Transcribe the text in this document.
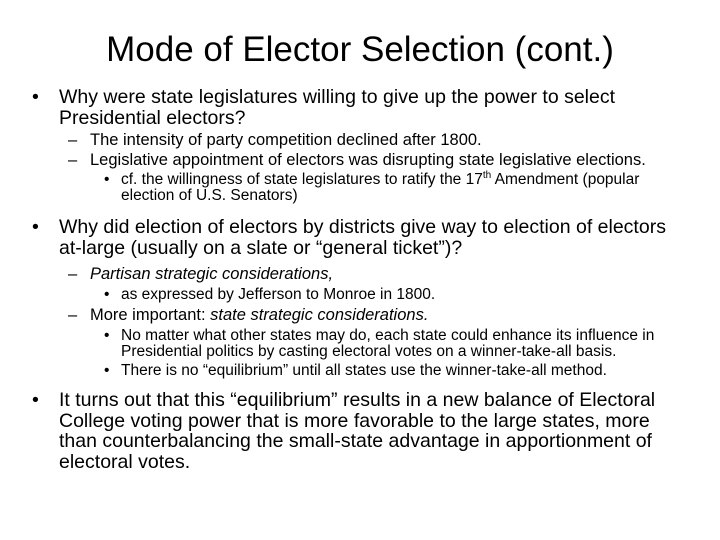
Mode of Elector Selection (cont.)
• Why were state legislatures willing to give up the power to select Presidential electors?
– The intensity of party competition declined after 1800.
– Legislative appointment of electors was disrupting state legislative elections.
• cf. the willingness of state legislatures to ratify the 17th Amendment (popular election of U.S. Senators)
• Why did election of electors by districts give way to election of electors at-large (usually on a slate or “general ticket”)?
– Partisan strategic considerations,
• as expressed by Jefferson to Monroe in 1800.
– More important: state strategic considerations.
• No matter what other states may do, each state could enhance its influence in Presidential politics by casting electoral votes on a winner-take-all basis.
• There is no “equilibrium” until all states use the winner-take-all method.
• It turns out that this “equilibrium” results in a new balance of Electoral College voting power that is more favorable to the large states, more than counterbalancing the small-state advantage in apportionment of electoral votes.
